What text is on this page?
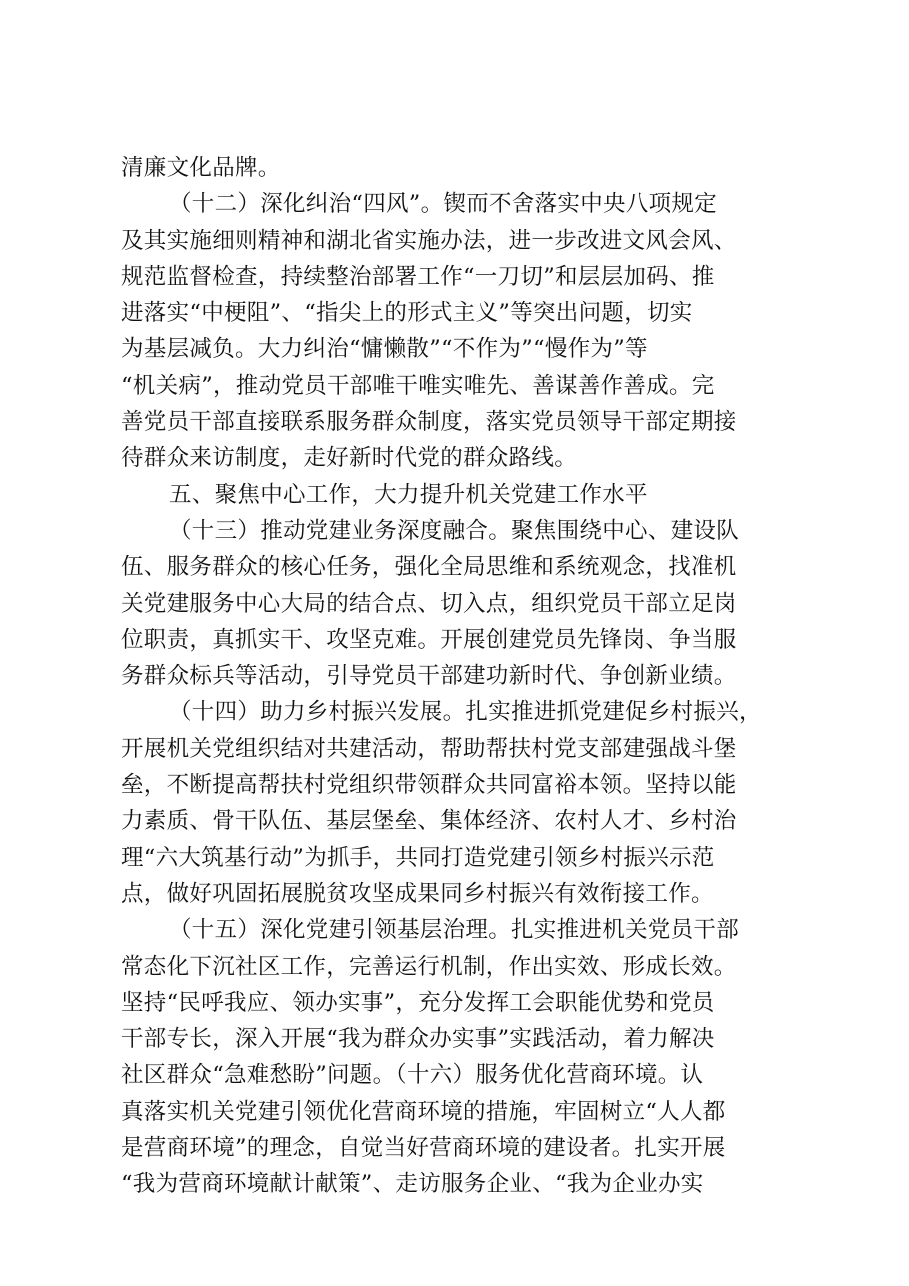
清廉文化品牌。
（十二）深化纠治“四风”。锲而不舍落实中央八项规定
及其实施细则精神和湖北省实施办法，进一步改进文风会风、
规范监督检查，持续整治部署工作“一刀切”和层层加码、推
进落实“中梗阻”、“指尖上的形式主义”等突出问题，切实
为基层减负。大力纠治“慵懒散”“不作为”“慢作为”等
“机关病”，推动党员干部唯干唯实唯先、善谋善作善成。完
善党员干部直接联系服务群众制度，落实党员领导干部定期接
待群众来访制度，走好新时代党的群众路线。
五、聚焦中心工作，大力提升机关党建工作水平
（十三）推动党建业务深度融合。聚焦围绕中心、建设队
伍、服务群众的核心任务，强化全局思维和系统观念，找准机
关党建服务中心大局的结合点、切入点，组织党员干部立足岗
位职责，真抓实干、攻坚克难。开展创建党员先锋岗、争当服
务群众标兵等活动，引导党员干部建功新时代、争创新业绩。
（十四）助力乡村振兴发展。扎实推进抓党建促乡村振兴，
开展机关党组织结对共建活动，帮助帮扶村党支部建强战斗堡
垒，不断提高帮扶村党组织带领群众共同富裕本领。坚持以能
力素质、骨干队伍、基层堡垒、集体经济、农村人才、乡村治
理“六大筑基行动”为抓手，共同打造党建引领乡村振兴示范
点，做好巩固拓展脱贫攻坚成果同乡村振兴有效衔接工作。
（十五）深化党建引领基层治理。扎实推进机关党员干部
常态化下沉社区工作，完善运行机制，作出实效、形成长效。
坚持“民呼我应、领办实事”，充分发挥工会职能优势和党员
干部专长，深入开展“我为群众办实事”实践活动，着力解决
社区群众“急难愁盼”问题。（十六）服务优化营商环境。认
真落实机关党建引领优化营商环境的措施，牢固树立“人人都
是营商环境”的理念，自觉当好营商环境的建设者。扎实开展
“我为营商环境献计献策”、走访服务企业、“我为企业办实
